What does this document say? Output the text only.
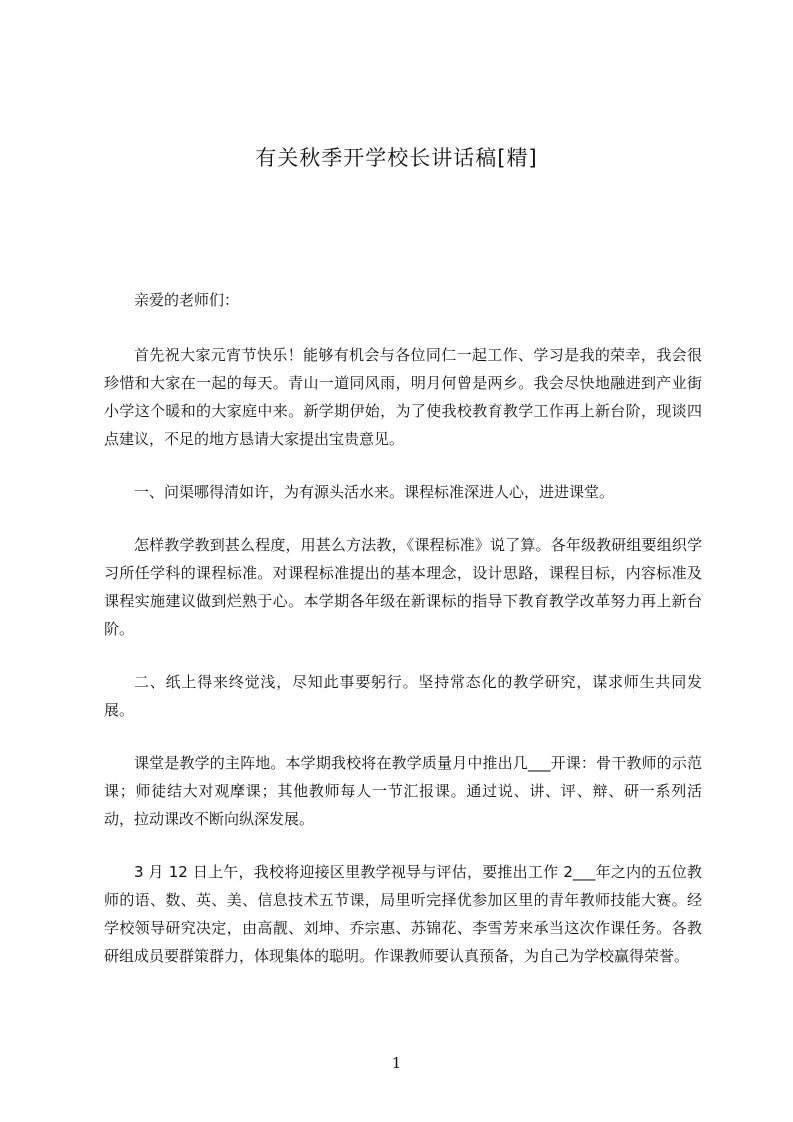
有关秋季开学校长讲话稿[精]

亲爱的老师们：

首先祝大家元宵节快乐！能够有机会与各位同仁一起工作、学习是我的荣幸，我会很珍惜和大家在一起的每天。青山一道同风雨，明月何曾是两乡。我会尽快地融进到产业街小学这个暖和的大家庭中来。新学期伊始，为了使我校教育教学工作再上新台阶，现谈四点建议，不足的地方恳请大家提出宝贵意见。

一、问渠哪得清如许，为有源头活水来。课程标准深进人心，进进课堂。

怎样教学教到甚么程度，用甚么方法教，《课程标准》说了算。各年级教研组要组织学习所任学科的课程标准。对课程标准提出的基本理念，设计思路，课程目标，内容标准及课程实施建议做到烂熟于心。本学期各年级在新课标的指导下教育教学改革努力再上新台阶。

二、纸上得来终觉浅，尽知此事要躬行。坚持常态化的教学研究，谋求师生共同发展。

课堂是教学的主阵地。本学期我校将在教学质量月中推出几___开课：骨干教师的示范课；师徒结大对观摩课；其他教师每人一节汇报课。通过说、讲、评、辩、研一系列活动，拉动课改不断向纵深发展。

3 月 12 日上午，我校将迎接区里教学视导与评估，要推出工作 2___年之内的五位教师的语、数、英、美、信息技术五节课，局里听完择优参加区里的青年教师技能大赛。经学校领导研究决定，由高靓、刘坤、乔宗惠、苏锦花、李雪芳来承当这次作课任务。各教研组成员要群策群力，体现集体的聪明。作课教师要认真预备，为自己为学校赢得荣誉。

1
